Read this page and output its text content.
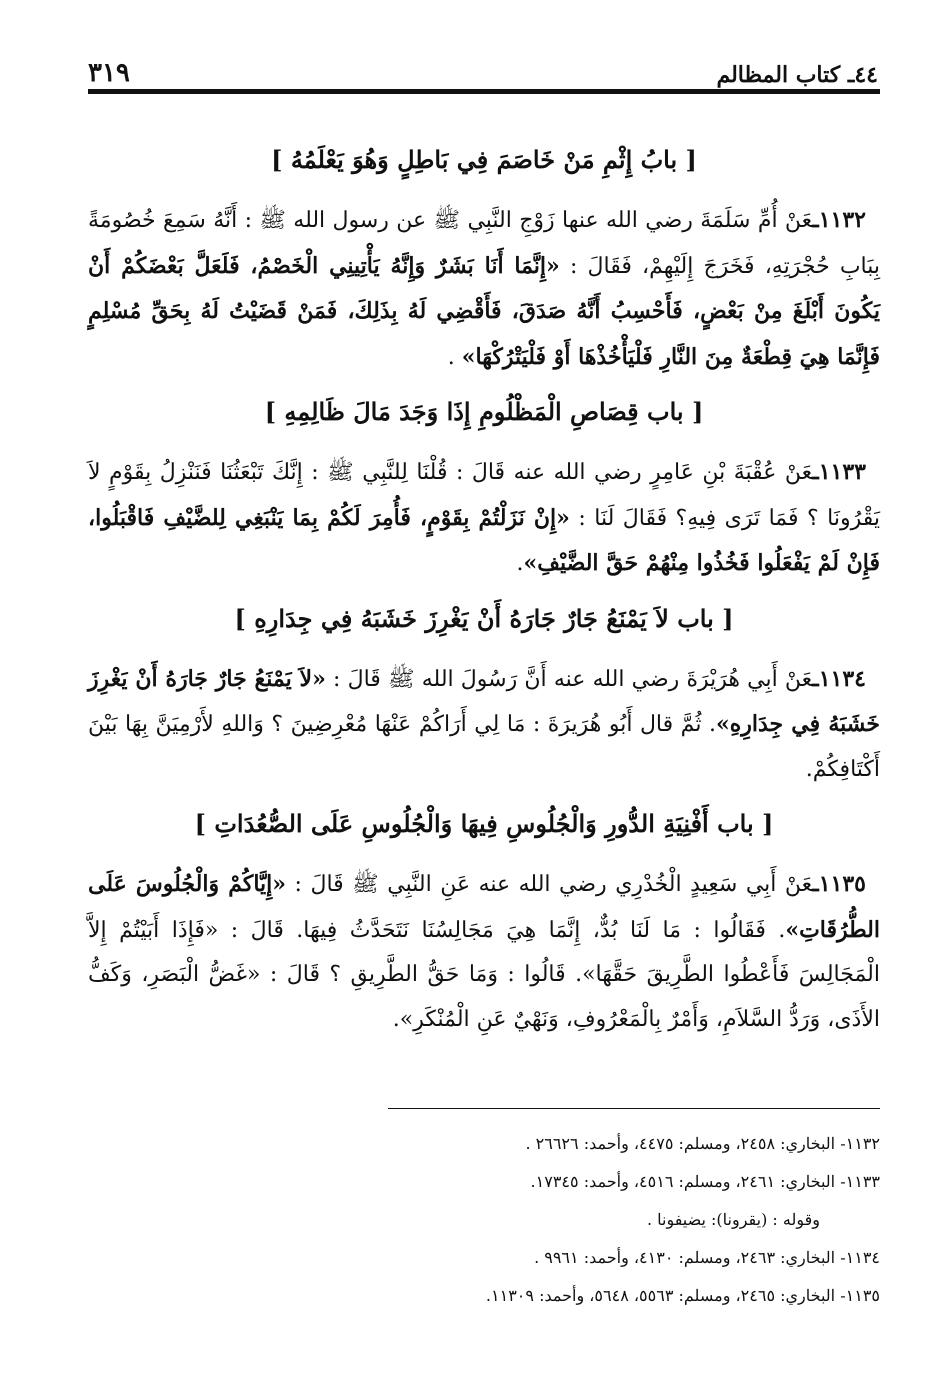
٤٤ـ كتاب المظالم
٣١٩
[ بابُ إِثْمِ مَنْ خَاصَمَ فِي بَاطِلٍ وَهُوَ يَعْلَمُهُ ]

١١٣٢ـعَنْ أُمِّ سَلَمَةَ رضي الله عنها زَوْجِ النَّبِي ﷺ عن رسول الله ﷺ : أَنَّهُ سَمِعَ خُصُومَةً بِبَابِ حُجْرَتِهِ، فَخَرَجَ إِلَيْهِمْ، فَقَالَ : «إِنَّمَا أَنَا بَشَرٌ وَإِنَّهُ يَأْتِينِي الْخَصْمُ، فَلَعَلَّ بَعْضَكُمْ أَنْ يَكُونَ أَبْلَغَ مِنْ بَعْضٍ، فَأَحْسِبُ أَنَّهُ صَدَقَ، فَأَقْضِي لَهُ بِذَلِكَ، فَمَنْ قَضَيْتُ لَهُ بِحَقِّ مُسْلِمٍ فَإِنَّمَا هِيَ قِطْعَةٌ مِنَ النَّارِ فَلْيَأْخُذْهَا أَوْ فَلْيَتْرُكْهَا» .

[ باب قِصَاصِ الْمَظْلُومِ إِذَا وَجَدَ مَالَ ظَالِمِهِ ]

١١٣٣ـعَنْ عُقْبَةَ بْنِ عَامِرٍ رضي الله عنه قَالَ : قُلْنَا لِلنَّبِي ﷺ : إِنَّكَ تَبْعَثُنَا فَنَنْزِلُ بِقَوْمٍ لاَ يَقْرُونَا ؟ فَمَا تَرَى فِيهِ؟ فَقَالَ لَنَا : «إِنْ نَزَلْتُمْ بِقَوْمٍ، فَأُمِرَ لَكُمْ بِمَا يَنْبَغِي لِلضَّيْفِ فَاقْبَلُوا، فَإِنْ لَمْ يَفْعَلُوا فَخُذُوا مِنْهُمْ حَقَّ الضَّيْفِ».

[ باب لاَ يَمْنَعُ جَارٌ جَارَهُ أَنْ يَغْرِزَ خَشَبَهُ فِي جِدَارِهِ ]

١١٣٤ـعَنْ أَبِي هُرَيْرَةَ رضي الله عنه أَنَّ رَسُولَ الله ﷺ قَالَ : «لاَ يَمْنَعُ جَارٌ جَارَهُ أَنْ يَغْرِزَ خَشَبَهُ فِي جِدَارِهِ». ثُمَّ قال أَبُو هُرَيرَةَ : مَا لِي أَرَاكُمْ عَنْهَا مُعْرِضِينَ ؟ وَاللهِ لأَرْمِيَنَّ بِهَا بَيْنَ أَكْتَافِكُمْ.

[ باب أَفْنِيَةِ الدُّورِ وَالْجُلُوسِ فِيهَا وَالْجُلُوسِ عَلَى الصُّعُدَاتِ ]

١١٣٥ـعَنْ أَبِي سَعِيدٍ الْخُدْرِي رضي الله عنه عَنِ النَّبِي ﷺ قَالَ : «إِيَّاكُمْ وَالْجُلُوسَ عَلَى الطُّرُقَاتِ». فَقَالُوا : مَا لَنَا بُدٌّ، إِنَّمَا هِيَ مَجَالِسُنَا نَتَحَدَّثُ فِيهَا. قَالَ : «فَإِذَا أَبَيْتُمْ إِلاَّ الْمَجَالِسَ فَأَعْطُوا الطَّرِيقَ حَقَّهَا». قَالُوا : وَمَا حَقُّ الطَّرِيقِ ؟ قَالَ : «غَضُّ الْبَصَرِ، وَكَفُّ الأَذَى، وَرَدُّ السَّلاَمِ، وَأَمْرٌ بِالْمَعْرُوفِ، وَنَهْيٌ عَنِ الْمُنْكَرِ».

١١٣٢- البخاري: ٢٤٥٨، ومسلم: ٤٤٧٥، وأحمد: ٢٦٦٢٦ .
١١٣٣- البخاري: ٢٤٦١، ومسلم: ٤٥١٦، وأحمد: ١٧٣٤٥.
وقوله : (يقرونا): يضيفونا .
١١٣٤- البخاري: ٢٤٦٣، ومسلم: ٤١٣٠، وأحمد: ٩٩٦١ .
١١٣٥- البخاري: ٢٤٦٥، ومسلم: ٥٥٦٣، ٥٦٤٨، وأحمد: ١١٣٠٩.
